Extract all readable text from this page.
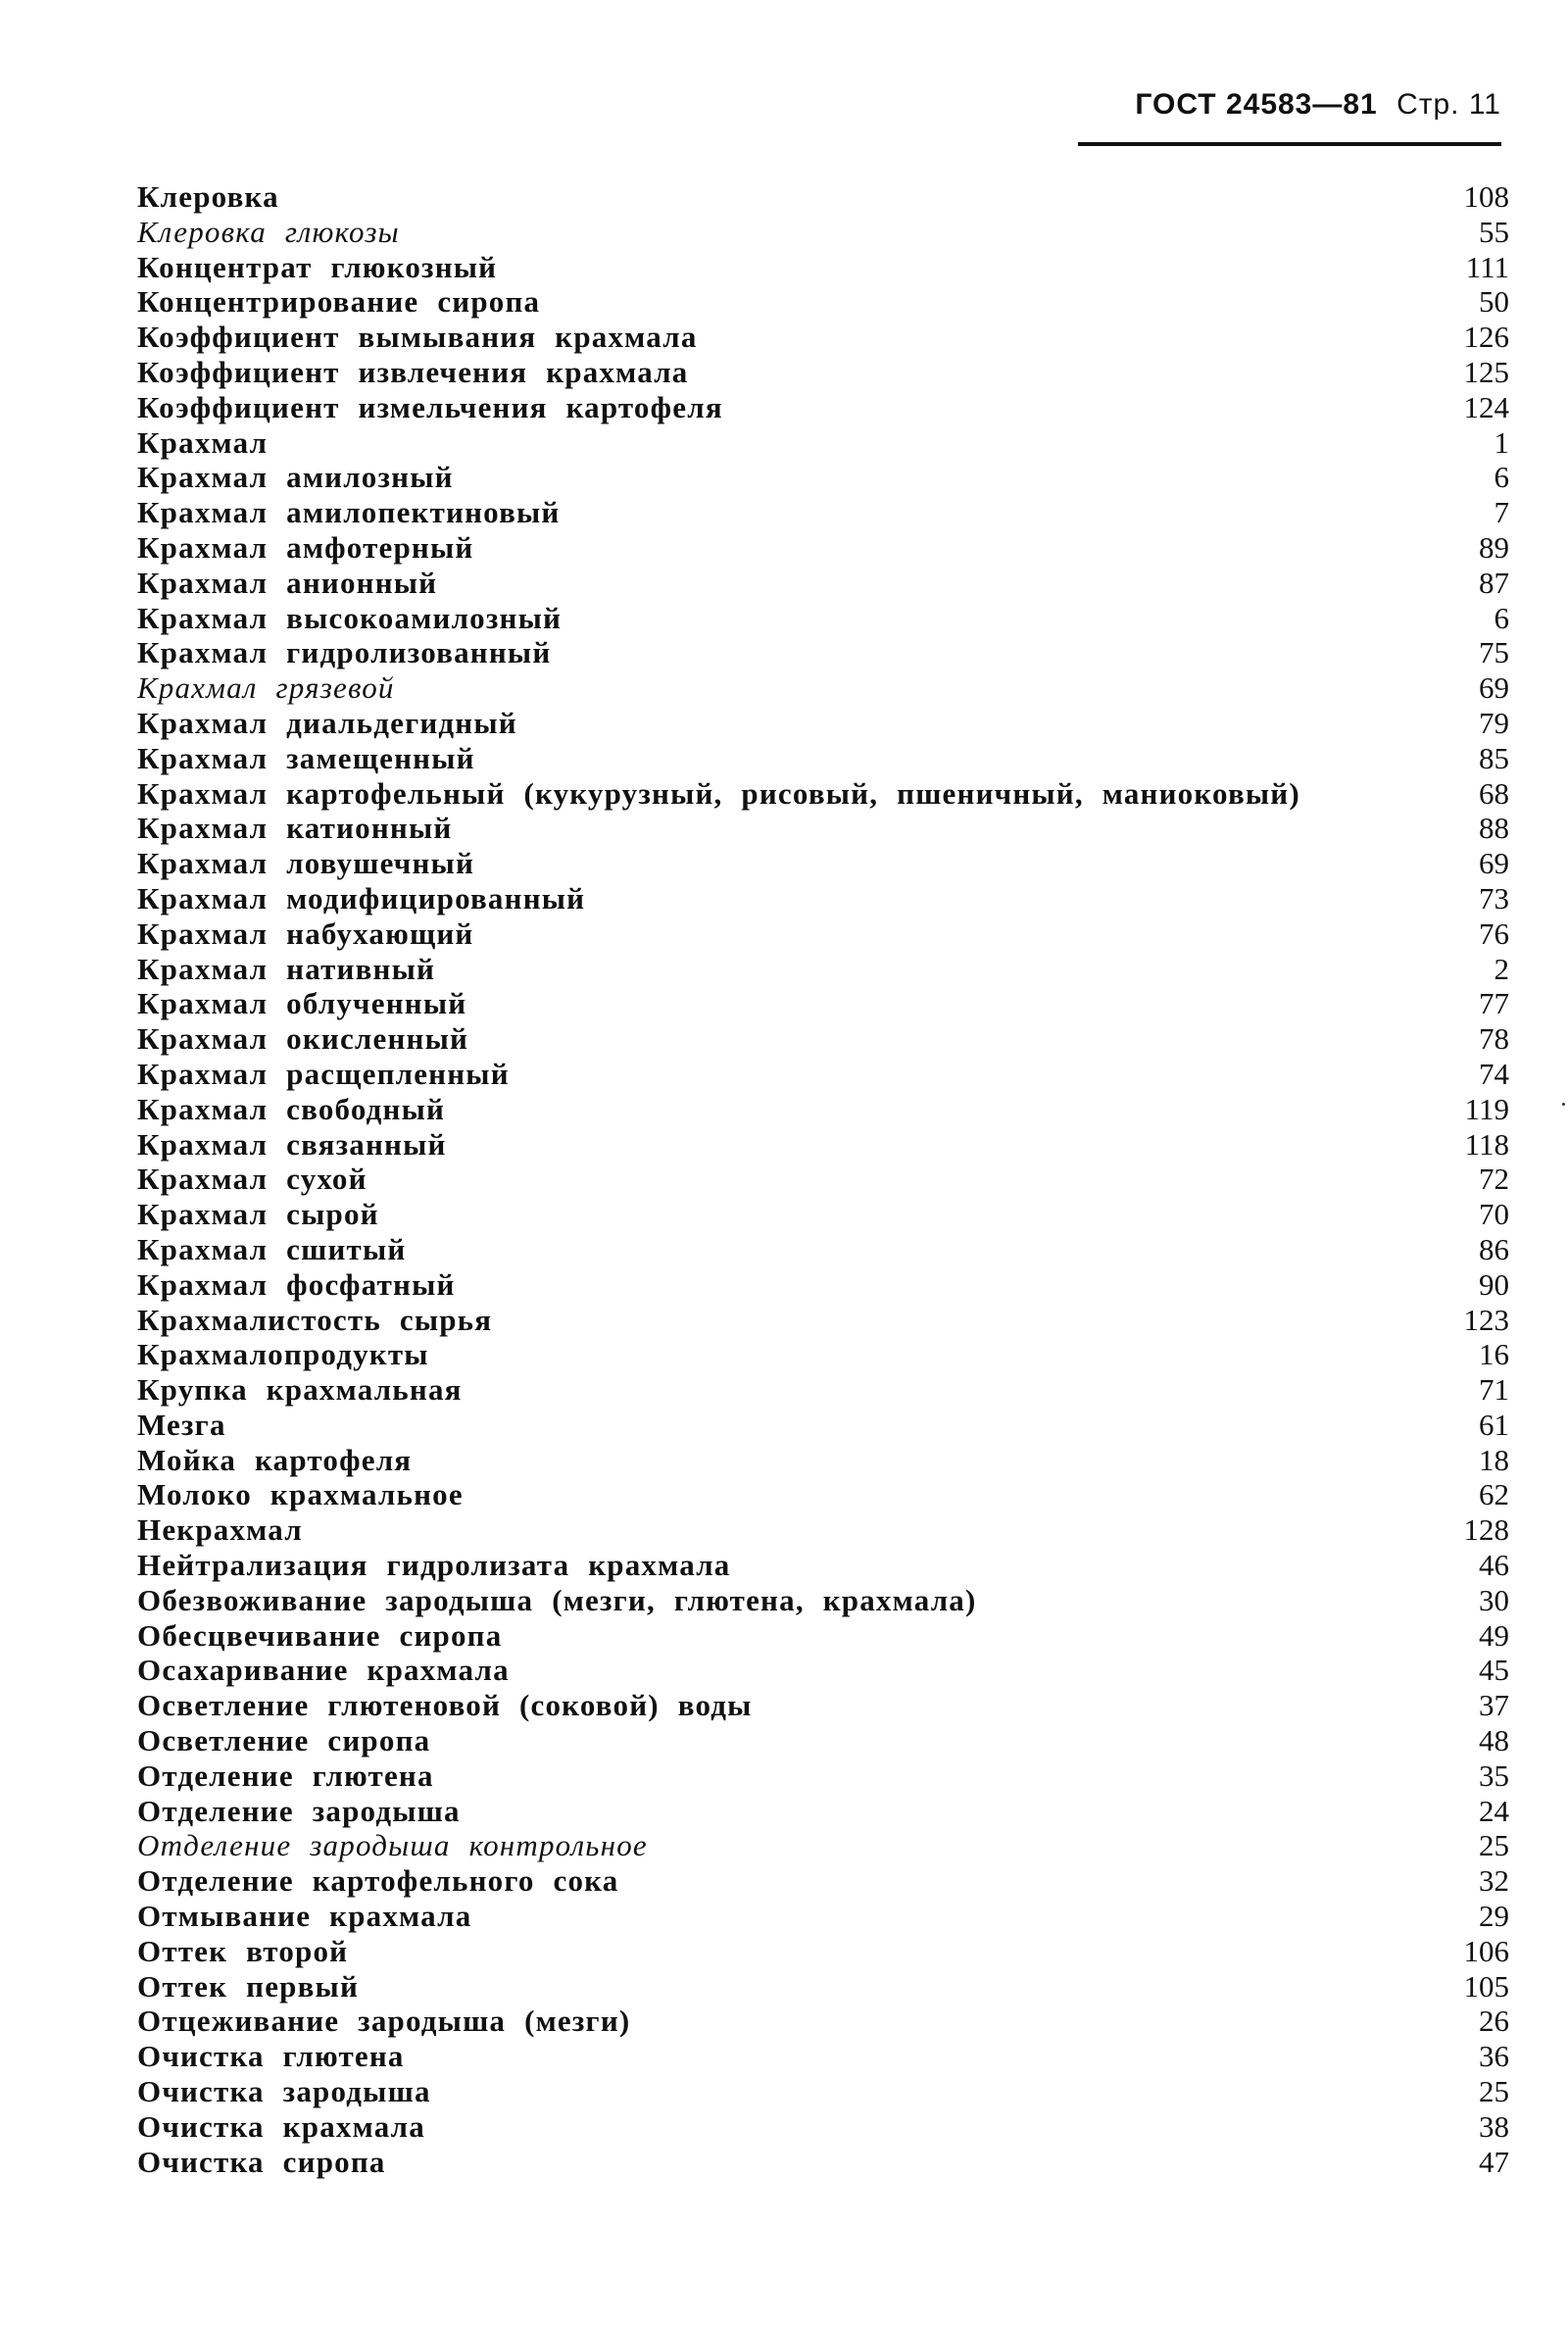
ГОСТ 24583—81 Стр. 11
Клеровка	108
Клеровка глюкозы	55
Концентрат глюкозный	111
Концентрирование сиропа	50
Коэффициент вымывания крахмала	126
Коэффициент извлечения крахмала	125
Коэффициент измельчения картофеля	124
Крахмал	1
Крахмал амилозный	6
Крахмал амилопектиновый	7
Крахмал амфотерный	89
Крахмал анионный	87
Крахмал высокоамилозный	6
Крахмал гидролизованный	75
Крахмал грязевой	69
Крахмал диальдегидный	79
Крахмал замещенный	85
Крахмал картофельный (кукурузный, рисовый, пшеничный, маниоковый)	68
Крахмал катионный	88
Крахмал ловушечный	69
Крахмал модифицированный	73
Крахмал набухающий	76
Крахмал нативный	2
Крахмал облученный	77
Крахмал окисленный	78
Крахмал расщепленный	74
Крахмал свободный	119
Крахмал связанный	118
Крахмал сухой	72
Крахмал сырой	70
Крахмал сшитый	86
Крахмал фосфатный	90
Крахмалистость сырья	123
Крахмалопродукты	16
Крупка крахмальная	71
Мезга	61
Мойка картофеля	18
Молоко крахмальное	62
Некрахмал	128
Нейтрализация гидролизата крахмала	46
Обезвоживание зародыша (мезги, глютена, крахмала)	30
Обесцвечивание сиропа	49
Осахаривание крахмала	45
Осветление глютеновой (соковой) воды	37
Осветление сиропа	48
Отделение глютена	35
Отделение зародыша	24
Отделение зародыша контрольное	25
Отделение картофельного сока	32
Отмывание крахмала	29
Оттек второй	106
Оттек первый	105
Отцеживание зародыша (мезги)	26
Очистка глютена	36
Очистка зародыша	25
Очистка крахмала	38
Очистка сиропа	47
